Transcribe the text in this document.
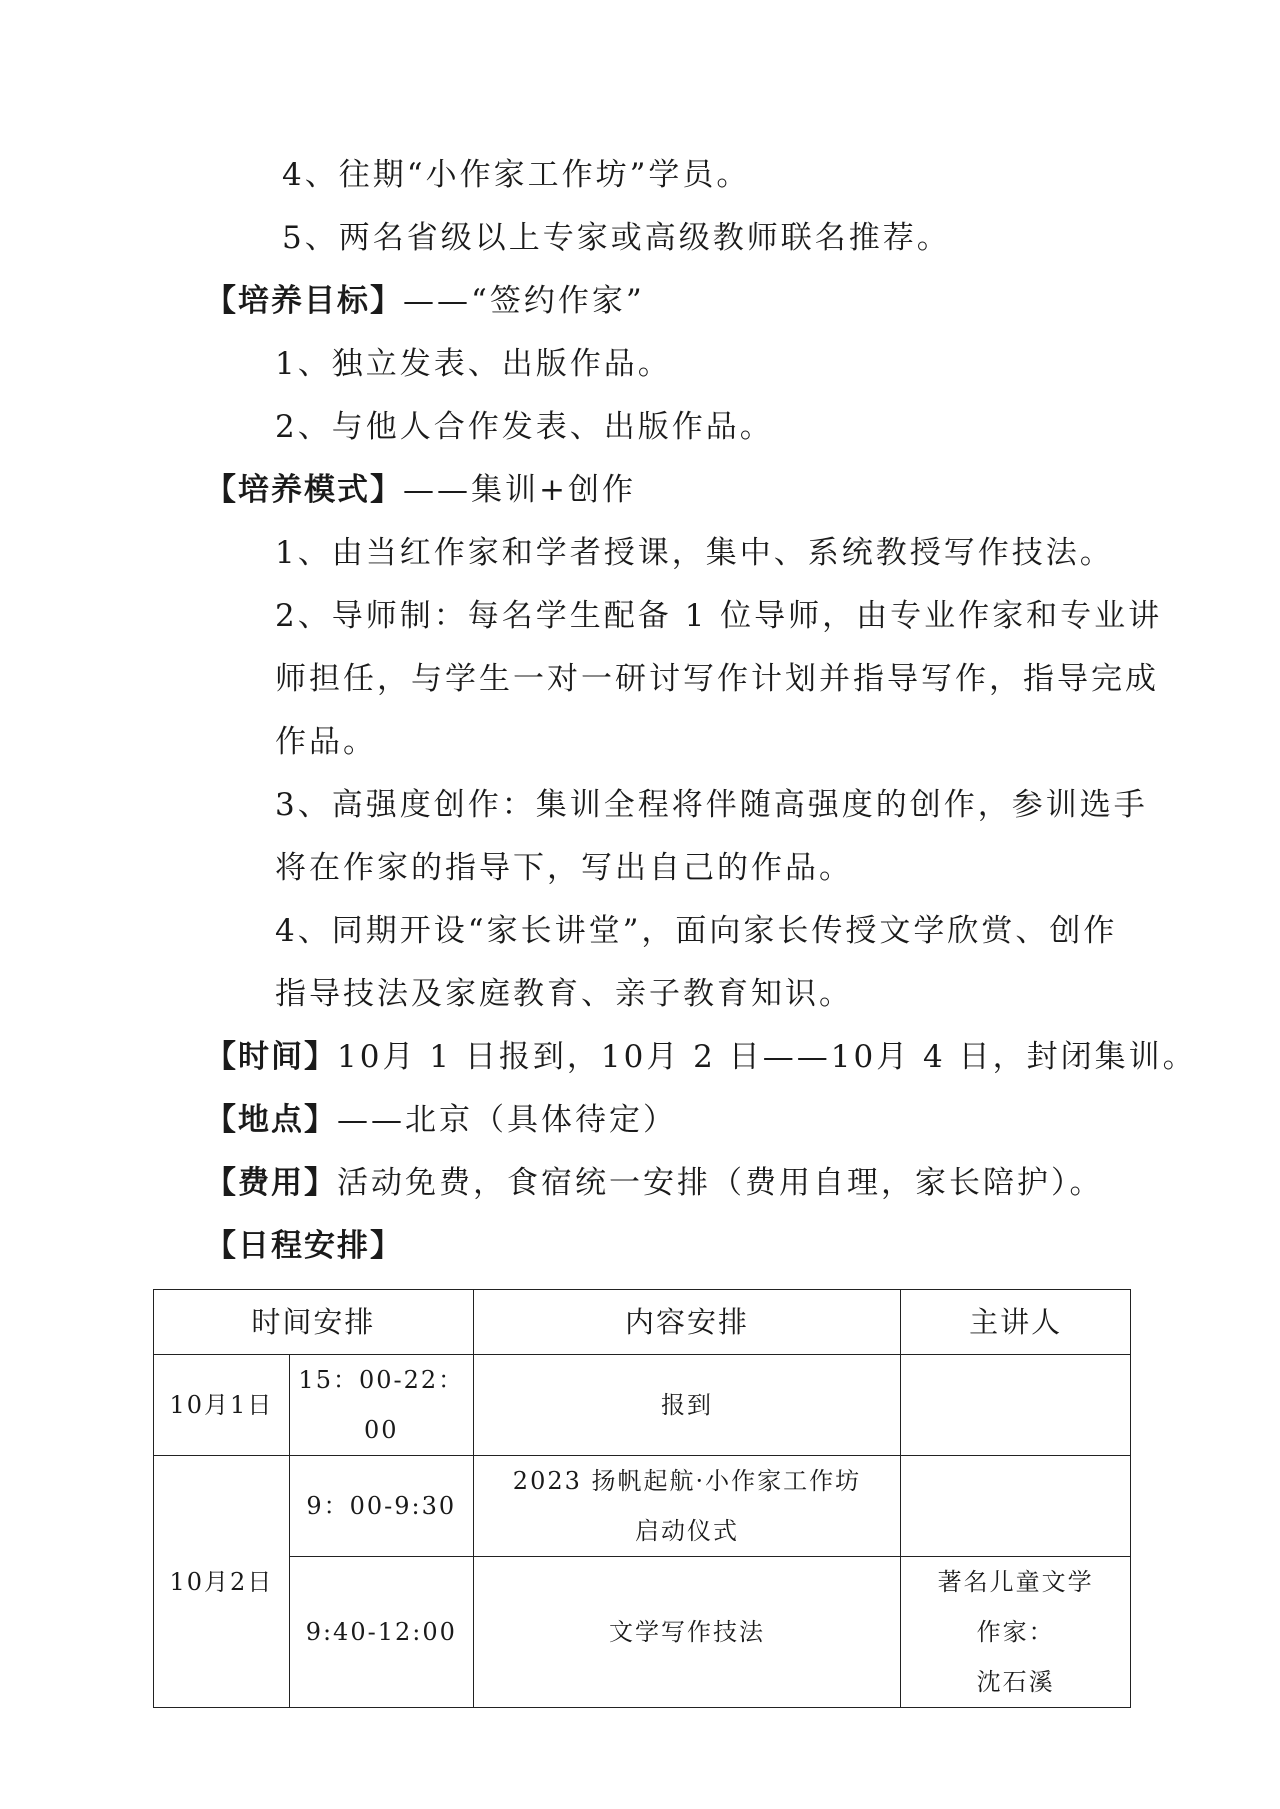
4、往期“小作家工作坊”学员。
5、两名省级以上专家或高级教师联名推荐。
【培养目标】——“签约作家”
1、独立发表、出版作品。
2、与他人合作发表、出版作品。
【培养模式】——集训+创作
1、由当红作家和学者授课，集中、系统教授写作技法。
2、导师制：每名学生配备 1 位导师，由专业作家和专业讲
师担任，与学生一对一研讨写作计划并指导写作，指导完成
作品。
3、高强度创作：集训全程将伴随高强度的创作，参训选手
将在作家的指导下，写出自己的作品。
4、同期开设“家长讲堂”，面向家长传授文学欣赏、创作
指导技法及家庭教育、亲子教育知识。
【时间】10月 1 日报到，10月 2 日——10月 4 日，封闭集训。
【地点】——北京（具体待定）
【费用】活动免费，食宿统一安排（费用自理，家长陪护）。
【日程安排】
时间安排		内容安排	主讲人
10月1日	15：00-22：00	报到	
10月2日	9：00-9:30	2023 扬帆起航·小作家工作坊
启动仪式	

	9:40-12:00	文学写作技法	著名儿童文学
作家：
沈石溪
